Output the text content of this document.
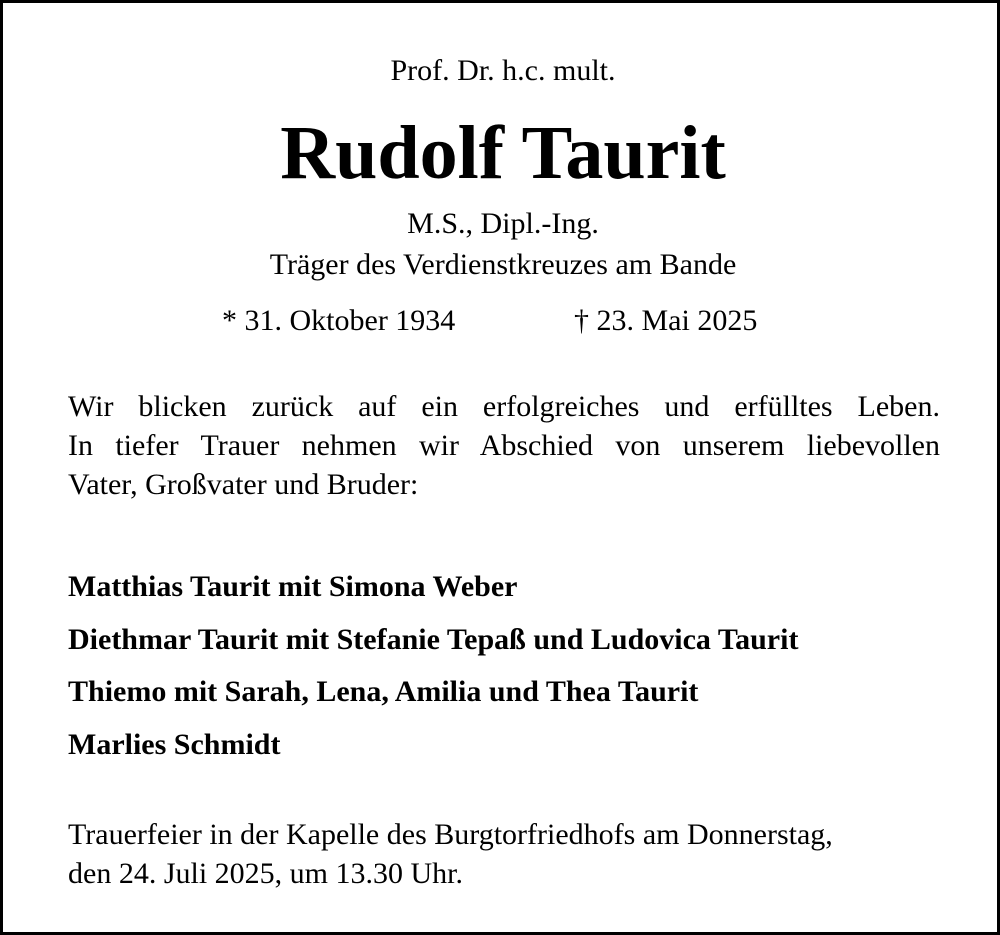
Prof. Dr. h.c. mult.
Rudolf Taurit
M.S., Dipl.-Ing.
Träger des Verdienstkreuzes am Bande
* 31. Oktober 1934	† 23. Mai 2025
Wir blicken zurück auf ein erfolgreiches und erfülltes Leben.
In tiefer Trauer nehmen wir Abschied von unserem liebevollen
Vater, Großvater und Bruder:
Matthias Taurit mit Simona Weber
Diethmar Taurit mit Stefanie Tepaß und Ludovica Taurit
Thiemo mit Sarah, Lena, Amilia und Thea Taurit
Marlies Schmidt
Trauerfeier in der Kapelle des Burgtorfriedhofs am Donnerstag,
den 24. Juli 2025, um 13.30 Uhr.
